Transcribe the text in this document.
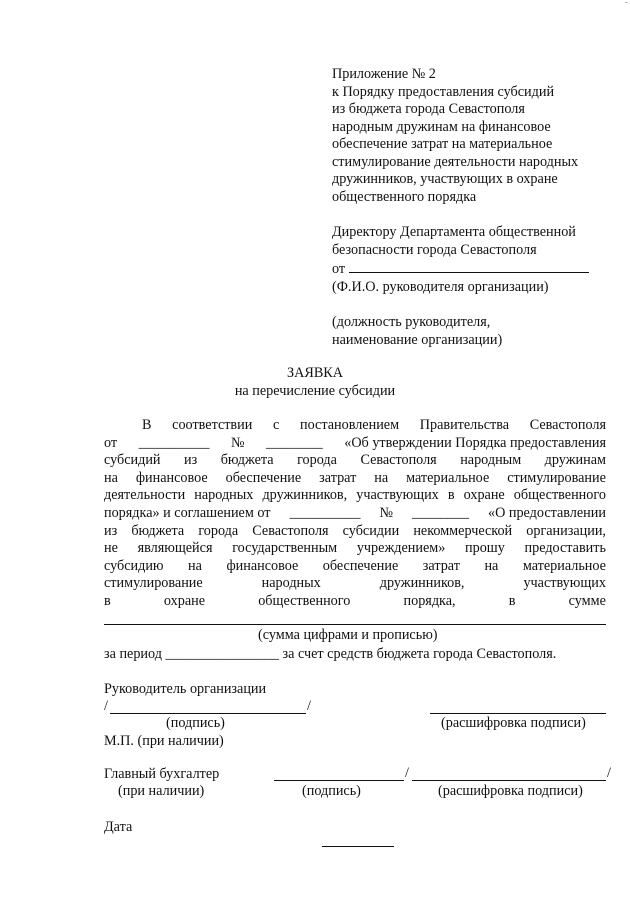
-
Приложение № 2
к Порядку предоставления субсидий
из бюджета города Севастополя
народным дружинам на финансовое
обеспечение затрат на материальное
стимулирование деятельности народных
дружинников, участвующих в охране
общественного порядка
Директору Департамента общественной
безопасности города Севастополя
от
(Ф.И.О. руководителя организации)
(должность руководителя,
наименование организации)
ЗАЯВКА
на перечисление субсидии
В соответствии с постановлением Правительства Севастополя
от __________ № ________ «Об утверждении Порядка предоставления
субсидий из бюджета города Севастополя народным дружинам
на финансовое обеспечение затрат на материальное стимулирование
деятельности народных дружинников, участвующих в охране общественного
порядка» и соглашением от __________ № ________ «О предоставлении
из бюджета города Севастополя субсидии некоммерческой организации,
не являющейся государственным учреждением» прошу предоставить
субсидию на финансовое обеспечение затрат на материальное
стимулирование	народных	дружинников,	участвующих
в	охране	общественного	порядка,	в	сумме
(сумма цифрами и прописью)
за период ________________ за счет средств бюджета города Севастополя.
Руководитель организации
/	/
(подпись)	(расшифровка подписи)
М.П. (при наличии)
Главный бухгалтер	/	/
(при наличии)	(подпись)	(расшифровка подписи)
Дата
